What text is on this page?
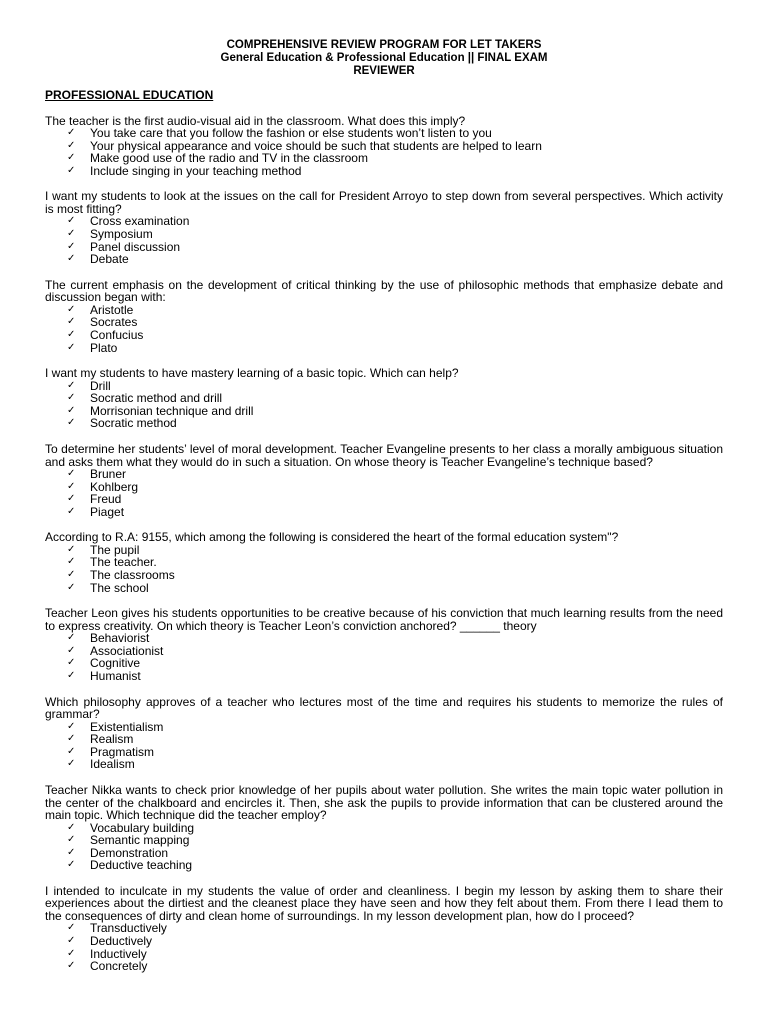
COMPREHENSIVE REVIEW PROGRAM FOR LET TAKERS
General Education & Professional Education || FINAL EXAM
REVIEWER
PROFESSIONAL EDUCATION
The teacher is the first audio-visual aid in the classroom. What does this imply?
✓	You take care that you follow the fashion or else students won’t listen to you
✓	Your physical appearance and voice should be such that students are helped to learn
✓	Make good use of the radio and TV in the classroom
✓	Include singing in your teaching method
I want my students to look at the issues on the call for President Arroyo to step down from several perspectives. Which activity is most fitting?
✓	Cross examination
✓	Symposium
✓	Panel discussion
✓	Debate
The current emphasis on the development of critical thinking by the use of philosophic methods that emphasize debate and discussion began with:
✓	Aristotle
✓	Socrates
✓	Confucius
✓	Plato
I want my students to have mastery learning of a basic topic. Which can help?
✓	Drill
✓	Socratic method and drill
✓	Morrisonian technique and drill
✓	Socratic method
To determine her students’ level of moral development. Teacher Evangeline presents to her class a morally ambiguous situation and asks them what they would do in such a situation. On whose theory is Teacher Evangeline’s technique based?
✓	Bruner
✓	Kohlberg
✓	Freud
✓	Piaget
According to R.A: 9155, which among the following is considered the heart of the formal education system"?
✓	The pupil
✓	The teacher.
✓	The classrooms
✓	The school
Teacher Leon gives his students opportunities to be creative because of his conviction that much learning results from the need to express creativity. On which theory is Teacher Leon’s conviction anchored? ______ theory
✓	Behaviorist
✓	Associationist
✓	Cognitive
✓	Humanist
Which philosophy approves of a teacher who lectures most of the time and requires his students to memorize the rules of grammar?
✓	Existentialism
✓	Realism
✓	Pragmatism
✓	Idealism
Teacher Nikka wants to check prior knowledge of her pupils about water pollution. She writes the main topic water pollution in the center of the chalkboard and encircles it. Then, she ask the pupils to provide information that can be clustered around the main topic. Which technique did the teacher employ?
✓	Vocabulary building
✓	Semantic mapping
✓	Demonstration
✓	Deductive teaching
I intended to inculcate in my students the value of order and cleanliness. I begin my lesson by asking them to share their experiences about the dirtiest and the cleanest place they have seen and how they felt about them. From there I lead them to the consequences of dirty and clean home of surroundings. In my lesson development plan, how do I proceed?
✓	Transductively
✓	Deductively
✓	Inductively
✓	Concretely
